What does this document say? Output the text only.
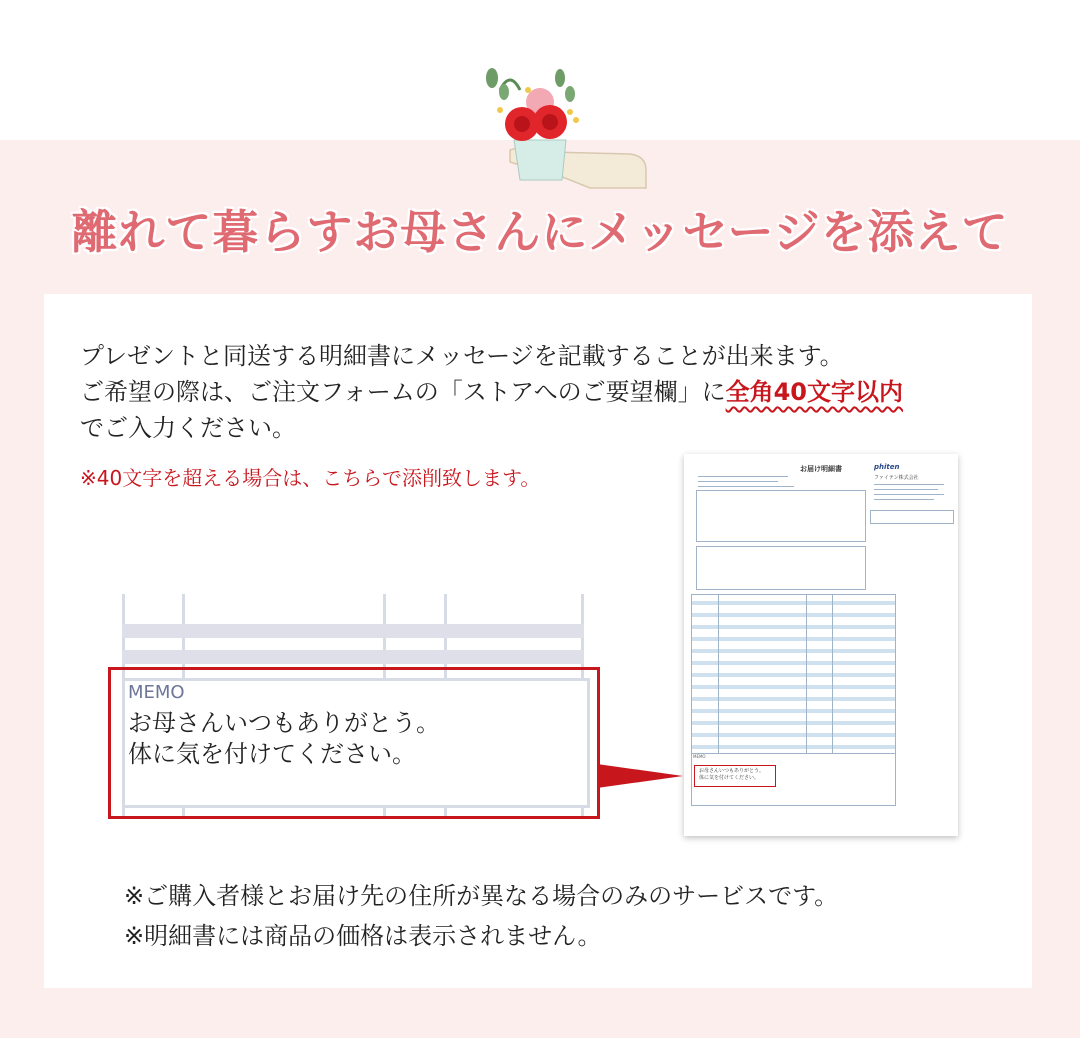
離れて暮らすお母さんにメッセージを添えて
プレゼントと同送する明細書にメッセージを記載することが出来ます。
ご希望の際は、ご注文フォームの「ストアへのご要望欄」に全角40文字以内
でご入力ください。
※40文字を超える場合は、こちらで添削致します。
MEMO
お母さんいつもありがとう。
体に気を付けてください。
お届け明細書	phiten
ファイテン株式会社
MEMO
お母さんいつもありがとう。
体に気を付けてください。
※ご購入者様とお届け先の住所が異なる場合のみのサービスです。
※明細書には商品の価格は表示されません。
